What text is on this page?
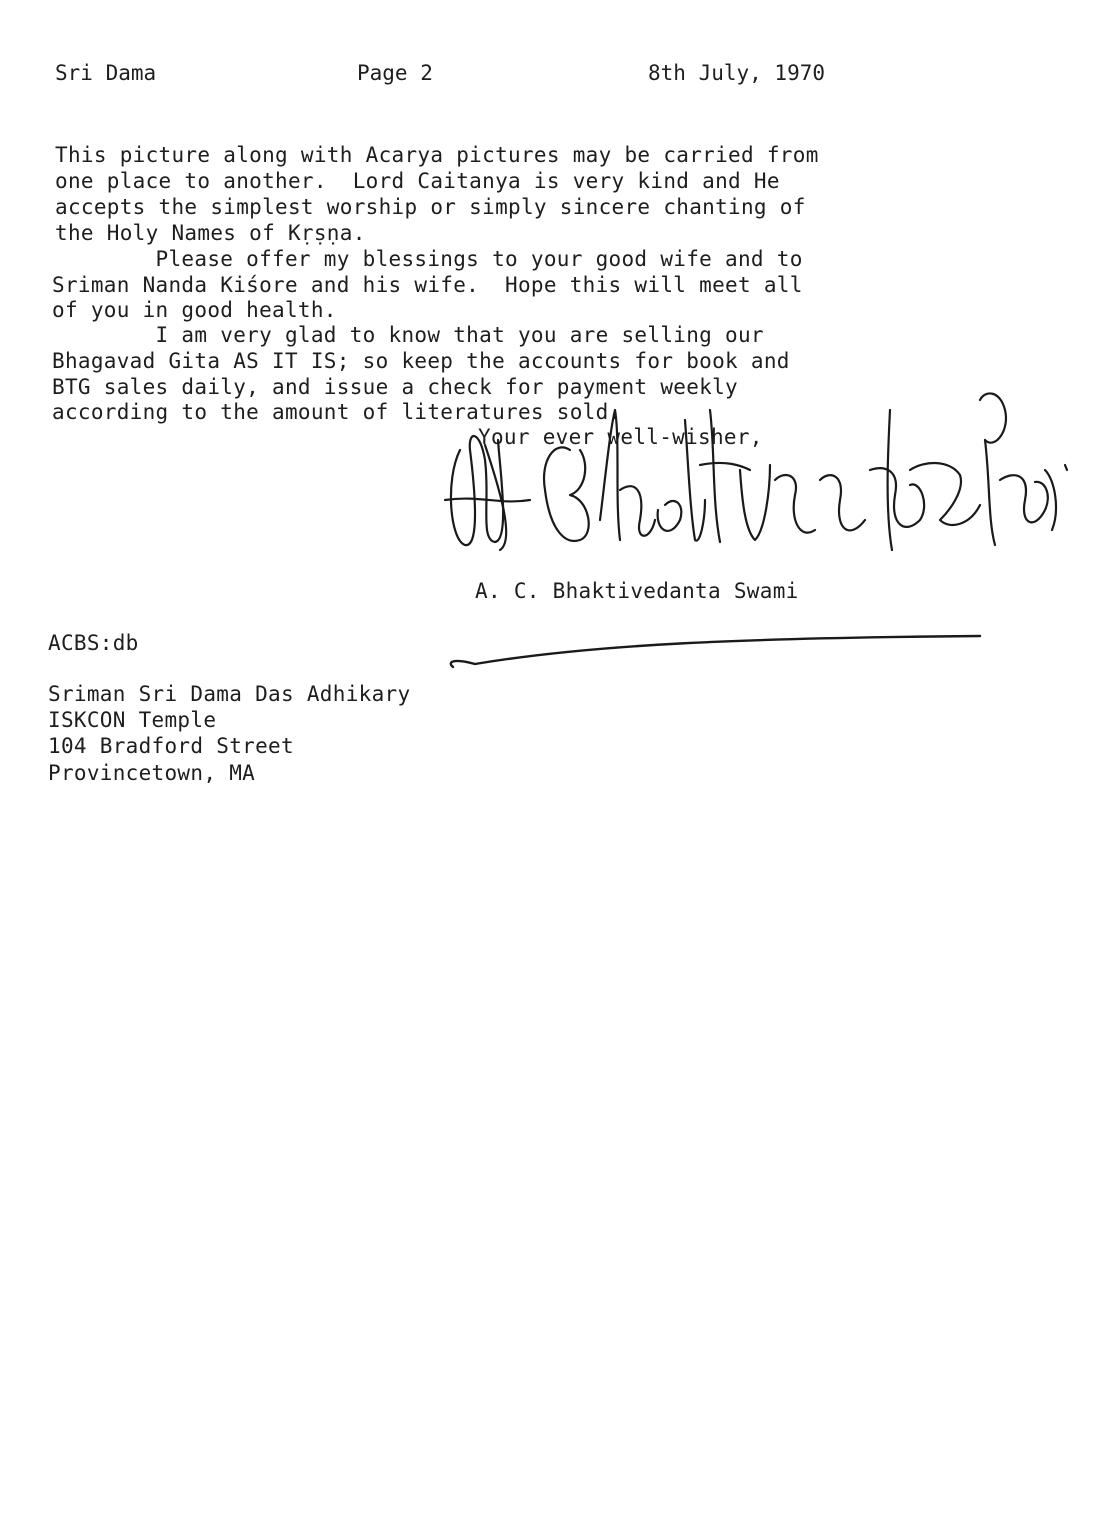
Sri Dama	Page 2	8th July, 1970
This picture along with Acarya pictures may be carried from
one place to another.  Lord Caitanya is very kind and He
accepts the simplest worship or simply sincere chanting of
the Holy Names of Kṛṣṇa.
Please offer my blessings to your good wife and to
Sriman Nanda Kiśore and his wife.  Hope this will meet all
of you in good health.
I am very glad to know that you are selling our
Bhagavad Gita AS IT IS; so keep the accounts for book and
BTG sales daily, and issue a check for payment weekly
according to the amount of literatures sold.
Your ever well-wisher,
A. C. Bhaktivedanta Swami
ACBS:db
Sriman Sri Dama Das Adhikary
ISKCON Temple
104 Bradford Street
Provincetown, MA
